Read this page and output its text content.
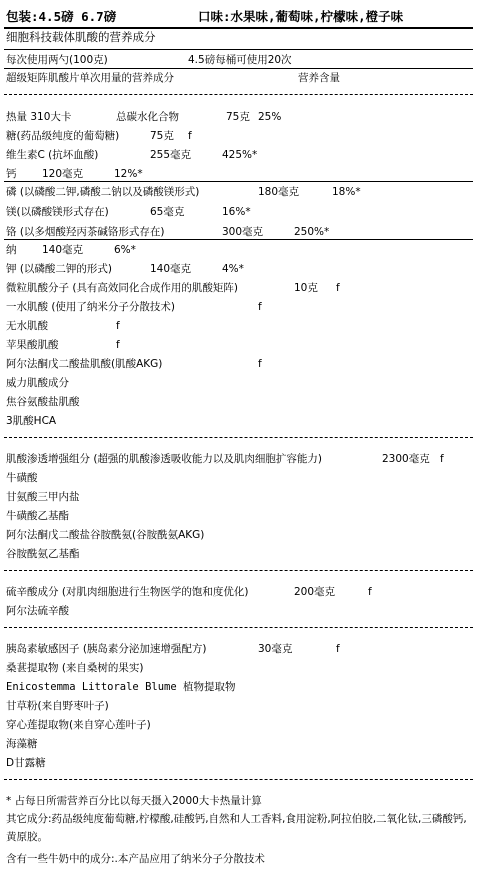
包装:4.5磅 6.7磅	口味:水果味,葡萄味,柠檬味,橙子味
细胞科技载体肌酸的营养成分
每次使用两勺(100克)	4.5磅每桶可使用20次
超级矩阵肌酸片单次用量的营养成分	营养含量
热量 310大卡	总碳水化合物	75克 25%
糖(药品级纯度的葡萄糖)	75克 f
维生素C (抗坏血酸)	255毫克	425%*
钙 120毫克	12%*
磷 (以磷酸二钾,磷酸二钠以及磷酸镁形式)	180毫克	18%*
镁(以磷酸镁形式存在)	65毫克	16%*
铬 (以多烟酸羟丙茶碱铬形式存在)	300毫克	250%*
纳 140毫克	6%*
钾 (以磷酸二钾的形式)	140毫克	4%*
微粒肌酸分子 (具有高效同化合成作用的肌酸矩阵)	10克 f
一水肌酸 (使用了纳米分子分散技术)	f
无水肌酸	f
苹果酸肌酸	f
阿尔法酮戊二酸盐肌酸(肌酸AKG)	f
威力肌酸成分
焦谷氨酸盐肌酸
3肌酸HCA
肌酸渗透增强组分 (超强的肌酸渗透吸收能力以及肌肉细胞扩容能力)	2300毫克 f
牛磺酸
甘氨酸三甲内盐
牛磺酸乙基酯
阿尔法酮戊二酸盐谷胺酰氨(谷胺酰氨AKG)
谷胺酰氨乙基酯
硫辛酸成分 (对肌肉细胞进行生物医学的饱和度优化)	200毫克	f
阿尔法硫辛酸
胰岛素敏感因子 (胰岛素分泌加速增强配方)	30毫克	f
桑葚提取物 (来自桑树的果实)
Enicostemma Littorale Blume 植物提取物
甘草粉(来自野枣叶子)
穿心莲提取物(来自穿心莲叶子)
海藻糖
D甘露糖
* 占每日所需营养百分比以每天摄入2000大卡热量计算
其它成分:药品级纯度葡萄糖,柠檬酸,硅酸钙,自然和人工香料,食用淀粉,阿拉伯胶,二氧化钛,三磷酸钙,黄原胶。
含有一些牛奶中的成分:.本产品应用了纳米分子分散技术
